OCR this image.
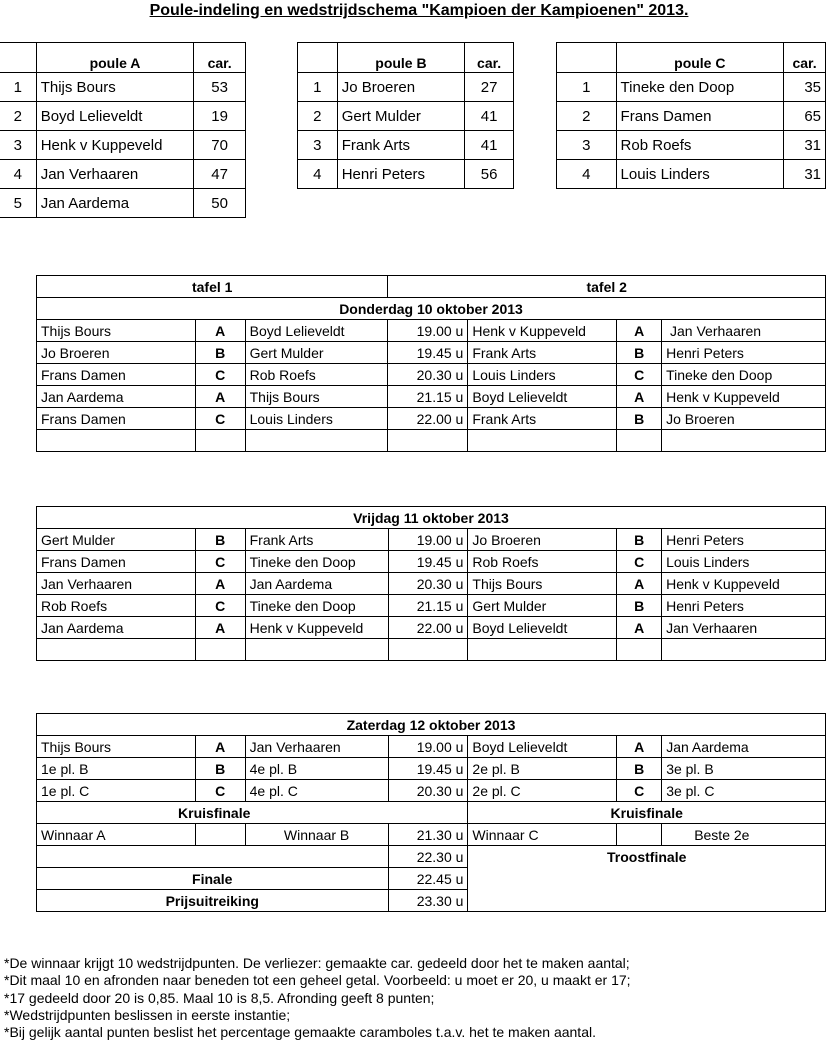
Poule-indeling en wedstrijdschema "Kampioen der Kampioenen" 2013.
	poule A	car.
1	Thijs Bours	53
2	Boyd Lelieveldt	19
3	Henk v Kuppeveld	70
4	Jan Verhaaren	47
5	Jan Aardema	50
	poule B	car.
1	Jo Broeren	27
2	Gert Mulder	41
3	Frank Arts	41
4	Henri Peters	56
	poule C	car.
1	Tineke den Doop	35
2	Frans Damen	65
3	Rob Roefs	31
4	Louis Linders	31
tafel 1			tafel 2			
Donderdag 10 oktober 2013						
Thijs Bours	A	Boyd Lelieveldt	19.00 u	Henk v Kuppeveld	A	Jan Verhaaren
Jo Broeren	B	Gert Mulder	19.45 u	Frank Arts	B	Henri Peters
Frans Damen	C	Rob Roefs	20.30 u	Louis Linders	C	Tineke den Doop
Jan Aardema	A	Thijs Bours	21.15 u	Boyd Lelieveldt	A	Henk v Kuppeveld
Frans Damen	C	Louis Linders	22.00 u	Frank Arts	B	Jo Broeren

Vrijdag 11 oktober 2013						
Gert Mulder	B	Frank Arts	19.00 u	Jo Broeren	B	Henri Peters
Frans Damen	C	Tineke den Doop	19.45 u	Rob Roefs	C	Louis Linders
Jan Verhaaren	A	Jan Aardema	20.30 u	Thijs Bours	A	Henk v Kuppeveld
Rob Roefs	C	Tineke den Doop	21.15 u	Gert Mulder	B	Henri Peters
Jan Aardema	A	Henk v Kuppeveld	22.00 u	Boyd Lelieveldt	A	Jan Verhaaren

Zaterdag 12 oktober 2013						
Thijs Bours	A	Jan Verhaaren	19.00 u	Boyd Lelieveldt	A	Jan Aardema
1e pl. B	B	4e pl. B	19.45 u	2e pl. B	B	3e pl. B
1e pl. C	C	4e pl. C	20.30 u	2e pl. C	C	3e pl. C
Kruisfinale				Kruisfinale		
Winnaar A		Winnaar B	21.30 u	Winnaar C		Beste 2e
			22.30 u	Troostfinale		
Finale			22.45 u			
Prijsuitreiking			23.30 u			
*De winnaar krijgt 10 wedstrijdpunten. De verliezer: gemaakte car. gedeeld door het te maken aantal;
*Dit maal 10 en afronden naar beneden tot een geheel getal. Voorbeeld: u moet er 20, u maakt er 17;
*17 gedeeld door 20 is 0,85. Maal 10 is 8,5. Afronding geeft 8 punten;
*Wedstrijdpunten beslissen in eerste instantie;
*Bij gelijk aantal punten beslist het percentage gemaakte caramboles t.a.v. het te maken aantal.
